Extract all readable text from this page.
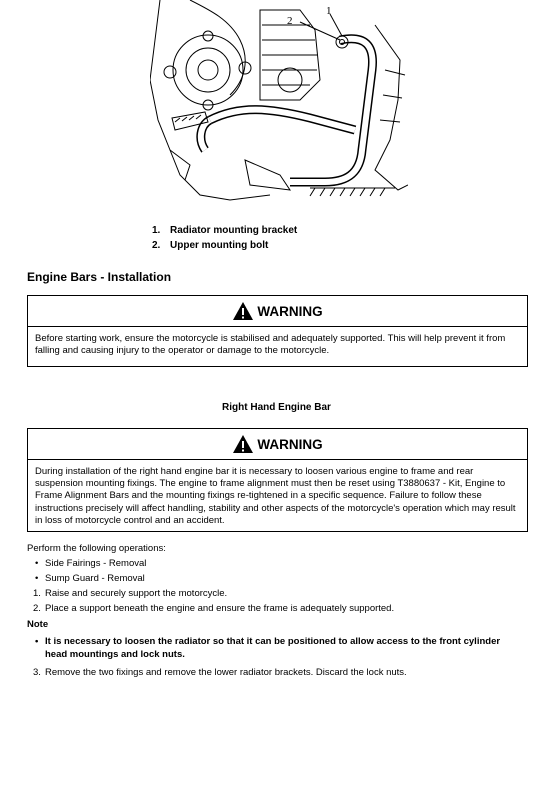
2
1
1. Radiator mounting bracket
2. Upper mounting bolt
Engine Bars - Installation
WARNING
Before starting work, ensure the motorcycle is stabilised and adequately supported. This will help prevent it from falling and causing injury to the operator or damage to the motorcycle.
Right Hand Engine Bar
WARNING
During installation of the right hand engine bar it is necessary to loosen various engine to frame and rear suspension mounting fixings. The engine to frame alignment must then be reset using T3880637 - Kit, Engine to Frame Alignment Bars and the mounting fixings re-tightened in a specific sequence. Failure to follow these instructions precisely will affect handling, stability and other aspects of the motorcycle's operation which may result in loss of motorcycle control and an accident.
Perform the following operations:
• Side Fairings - Removal
• Sump Guard - Removal
1. Raise and securely support the motorcycle.
2. Place a support beneath the engine and ensure the frame is adequately supported.
Note
• It is necessary to loosen the radiator so that it can be positioned to allow access to the front cylinder head mountings and lock nuts.
3. Remove the two fixings and remove the lower radiator brackets. Discard the lock nuts.
